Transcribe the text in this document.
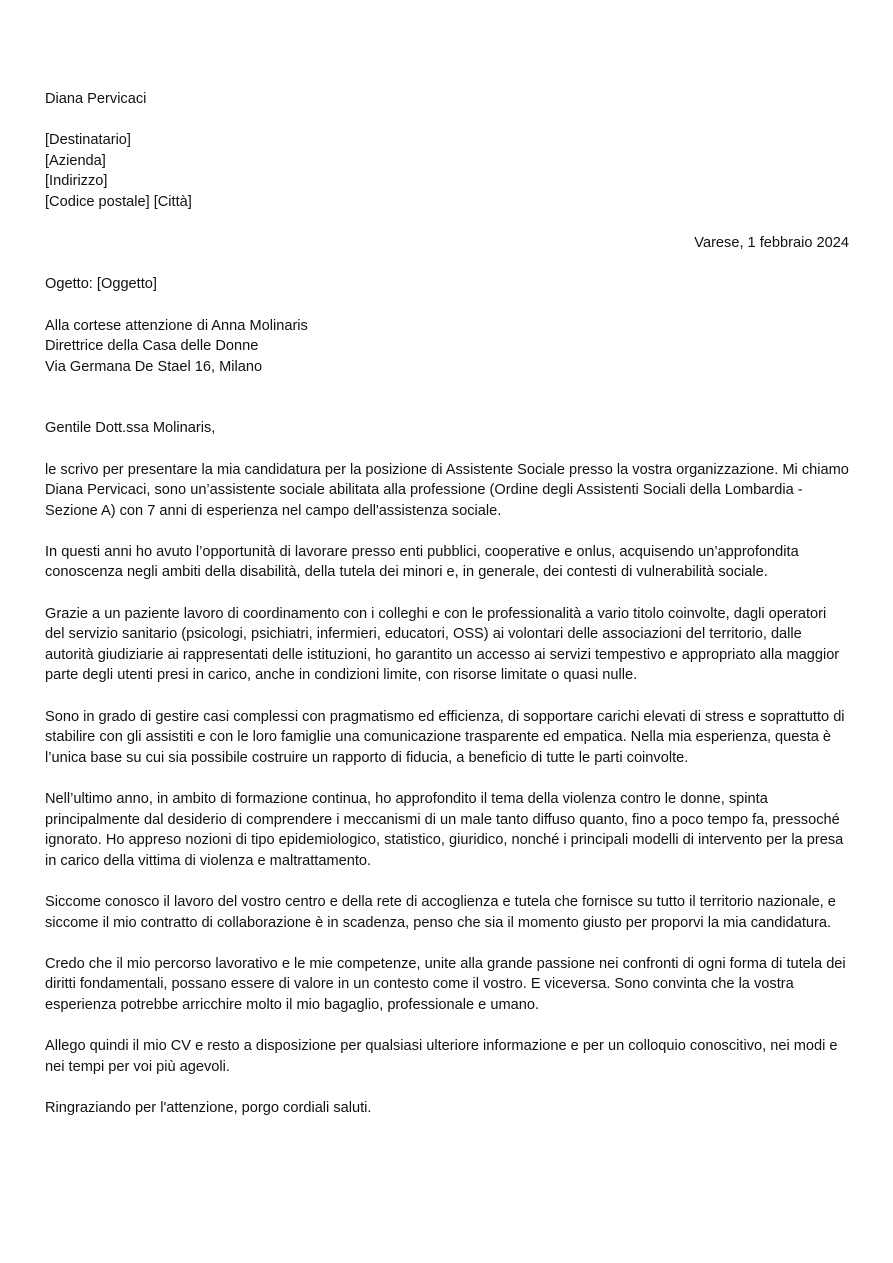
Diana Pervicaci

[Destinatario]

[Azienda]

[Indirizzo]

[Codice postale] [Città]

Varese, 1 febbraio 2024

Ogetto: [Oggetto]

Alla cortese attenzione di Anna Molinaris

Direttrice della Casa delle Donne

Via Germana De Stael 16, Milano

Gentile Dott.ssa Molinaris,

le scrivo per presentare la mia candidatura per la posizione di Assistente Sociale presso la vostra organizzazione. Mi chiamo Diana Pervicaci, sono un’assistente sociale abilitata alla professione (Ordine degli Assistenti Sociali della Lombardia - Sezione A) con 7 anni di esperienza nel campo dell'assistenza sociale.

In questi anni ho avuto l’opportunità di lavorare presso enti pubblici, cooperative e onlus, acquisendo un’approfondita conoscenza negli ambiti della disabilità, della tutela dei minori e, in generale, dei contesti di vulnerabilità sociale.

Grazie a un paziente lavoro di coordinamento con i colleghi e con le professionalità a vario titolo coinvolte, dagli operatori del servizio sanitario (psicologi, psichiatri, infermieri, educatori, OSS) ai volontari delle associazioni del territorio, dalle autorità giudiziarie ai rappresentati delle istituzioni, ho garantito un accesso ai servizi tempestivo e appropriato alla maggior parte degli utenti presi in carico, anche in condizioni limite, con risorse limitate o quasi nulle.

Sono in grado di gestire casi complessi con pragmatismo ed efficienza, di sopportare carichi elevati di stress e soprattutto di stabilire con gli assistiti e con le loro famiglie una comunicazione trasparente ed empatica. Nella mia esperienza, questa è l’unica base su cui sia possibile costruire un rapporto di fiducia, a beneficio di tutte le parti coinvolte.

Nell’ultimo anno, in ambito di formazione continua, ho approfondito il tema della violenza contro le donne, spinta principalmente dal desiderio di comprendere i meccanismi di un male tanto diffuso quanto, fino a poco tempo fa, pressoché ignorato. Ho appreso nozioni di tipo epidemiologico, statistico, giuridico, nonché i principali modelli di intervento per la presa in carico della vittima di violenza e maltrattamento.

Siccome conosco il lavoro del vostro centro e della rete di accoglienza e tutela che fornisce su tutto il territorio nazionale, e siccome il mio contratto di collaborazione è in scadenza, penso che sia il momento giusto per proporvi la mia candidatura.

Credo che il mio percorso lavorativo e le mie competenze, unite alla grande passione nei confronti di ogni forma di tutela dei diritti fondamentali, possano essere di valore in un contesto come il vostro. E viceversa. Sono convinta che la vostra esperienza potrebbe arricchire molto il mio bagaglio, professionale e umano.

Allego quindi il mio CV e resto a disposizione per qualsiasi ulteriore informazione e per un colloquio conoscitivo, nei modi e nei tempi per voi più agevoli.

Ringraziando per l'attenzione, porgo cordiali saluti.
